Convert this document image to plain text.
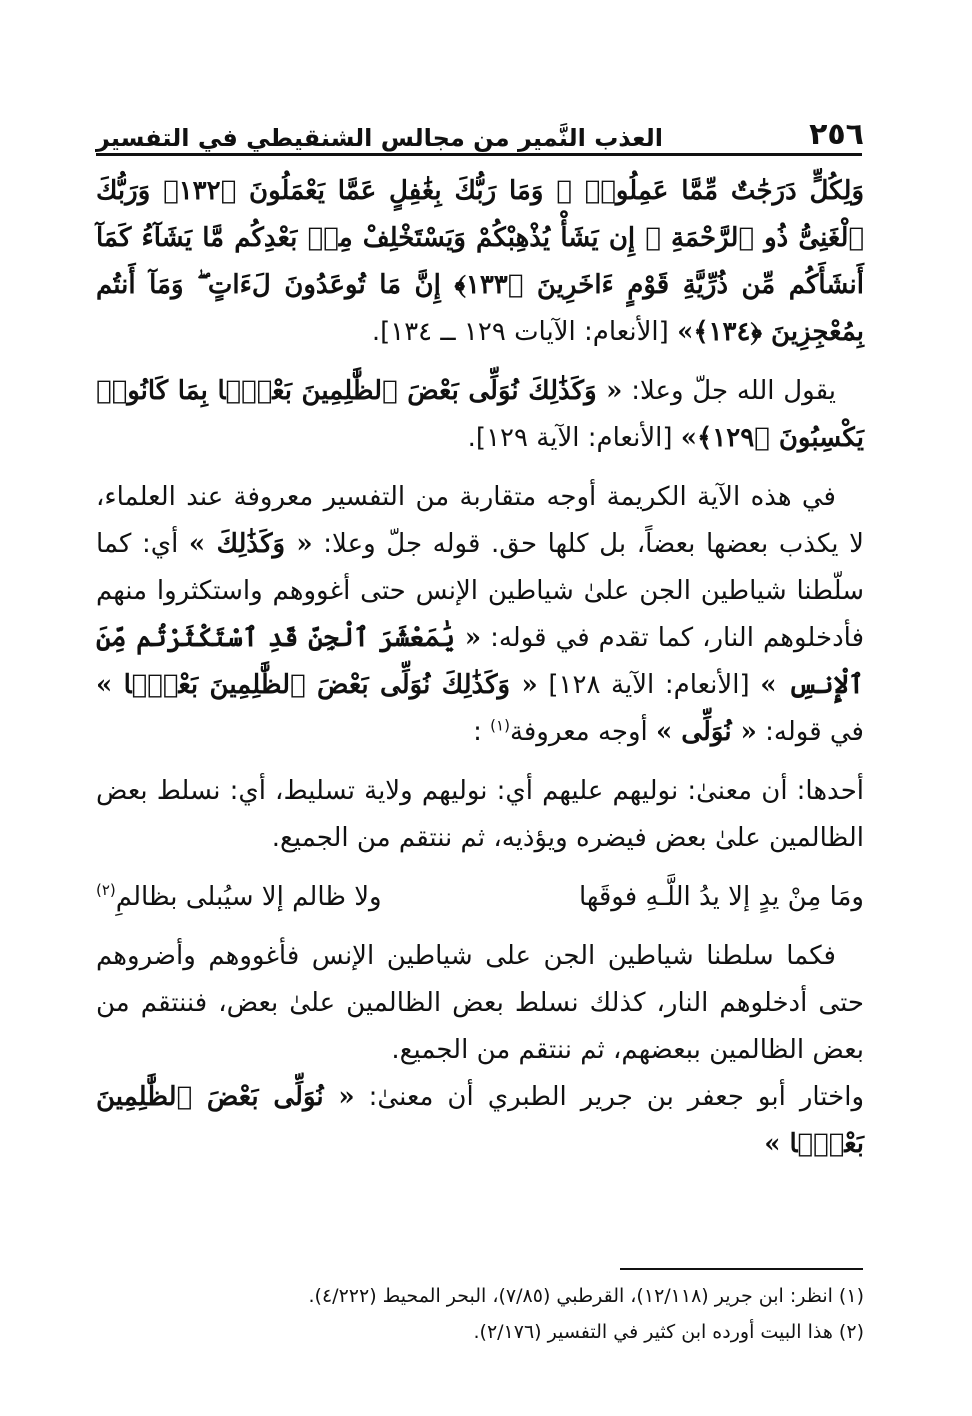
٢٥٦
العذب النَّمير من مجالس الشنقيطي في التفسير

وَلِكُلٍّ دَرَجَٰتٌ مِّمَّا عَمِلُوا۟ ۚ وَمَا رَبُّكَ بِغَٰفِلٍ عَمَّا يَعْمَلُونَ ﴿١٣٢﴾ وَرَبُّكَ ٱلْغَنِىُّ ذُو ٱلرَّحْمَةِ ۚ إِن يَشَأْ يُذْهِبْكُمْ وَيَسْتَخْلِفْ مِنۢ بَعْدِكُم مَّا يَشَآءُ كَمَآ أَنشَأَكُم مِّن ذُرِّيَّةِ قَوْمٍ ءَاخَرِينَ ﴿١٣٣﴾ إِنَّ مَا تُوعَدُونَ لَءَاتٍ ۖ وَمَآ أَنتُم بِمُعْجِزِينَ ﴿١٣٤﴾» [الأنعام: الآيات ١٢٩ ــ ١٣٤].

يقول الله جلّ وعلا: « وَكَذَٰلِكَ نُوَلِّى بَعْضَ ٱلظَّٰلِمِينَ بَعْضًۢا بِمَا كَانُوا۟ يَكْسِبُونَ ﴿١٢٩﴾» [الأنعام: الآية ١٢٩].

في هذه الآية الكريمة أوجه متقاربة من التفسير معروفة عند العلماء، لا يكذب بعضها بعضاً، بل كلها حق. قوله جلّ وعلا: « وَكَذَٰلِكَ » أي: كما سلّطنا شياطين الجن علىٰ شياطين الإنس حتى أغووهم واستكثروا منهم فأدخلوهم النار، كما تقدم في قوله: « يَٰمَعْشَرَ ٱلْجِنِّ قَدِ ٱسْتَكْثَرْتُم مِّنَ ٱلْإِنسِ » [الأنعام: الآية ١٢٨] « وَكَذَٰلِكَ نُوَلِّى بَعْضَ ٱلظَّٰلِمِينَ بَعْضًۢا » في قوله: « نُوَلِّى » أوجه معروفة$^{(١)}$ :

أحدها: أن معنىٰ: نوليهم عليهم أي: نوليهم ولاية تسليط، أي: نسلط بعض الظالمين علىٰ بعض فيضره ويؤذيه، ثم ننتقم من الجميع.

ومَا مِنْ يدٍ إلا يدُ اللَّـهِ فوقَها
ولا ظالم إلا سيُبلى بظالمِ(٢)

فكما سلطنا شياطين الجن على شياطين الإنس فأغووهم وأضروهم حتى أدخلوهم النار، كذلك نسلط بعض الظالمين علىٰ بعض، فننتقم من بعض الظالمين ببعضهم، ثم ننتقم من الجميع.

واختار أبو جعفر بن جرير الطبري أن معنىٰ: « نُوَلِّى بَعْضَ ٱلظَّٰلِمِينَ بَعْضًۢا »

(١) انظر: ابن جرير (١٢/١١٨)، القرطبي (٧/٨٥)، البحر المحيط (٤/٢٢٢).

(٢) هذا البيت أورده ابن كثير في التفسير (٢/١٧٦).
